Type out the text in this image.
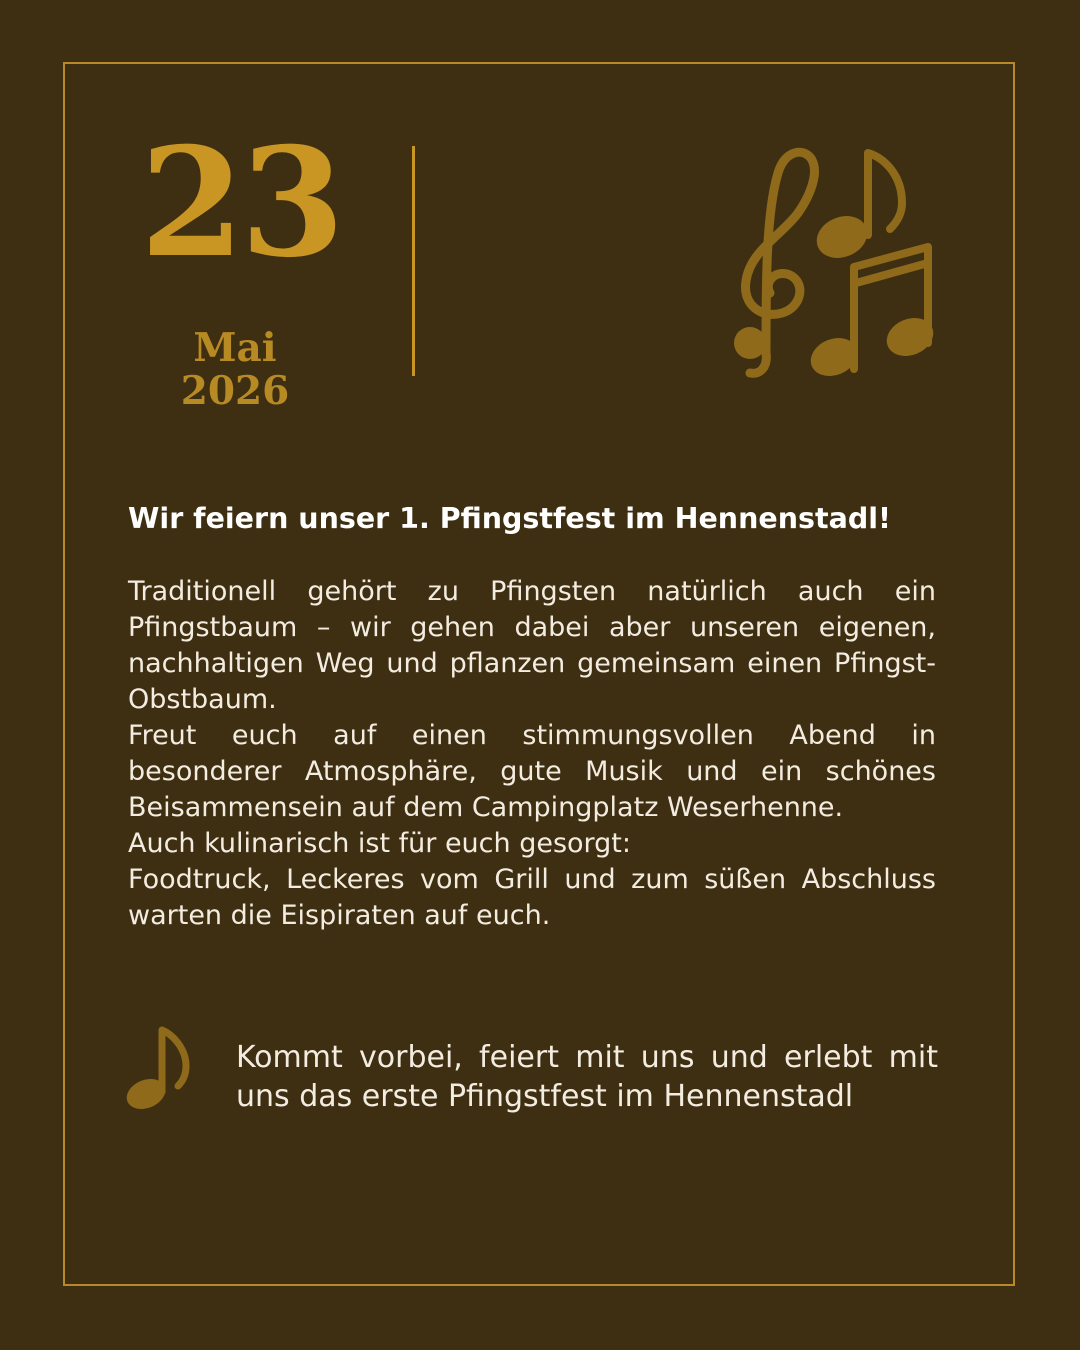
23
Mai 2026
Wir feiern unser 1. Pfingstfest im Hennenstadl!

Traditionell gehört zu Pfingsten natürlich auch ein Pfingstbaum – wir gehen dabei aber unseren eigenen, nachhaltigen Weg und pflanzen gemeinsam einen Pfingst-Obstbaum.

Freut euch auf einen stimmungsvollen Abend in besonderer Atmosphäre, gute Musik und ein schönes Beisammensein auf dem Campingplatz Weserhenne.

Auch kulinarisch ist für euch gesorgt:

Foodtruck, Leckeres vom Grill und zum süßen Abschluss warten die Eispiraten auf euch.

Kommt vorbei, feiert mit uns und erlebt mit uns das erste Pfingstfest im Hennenstadl
